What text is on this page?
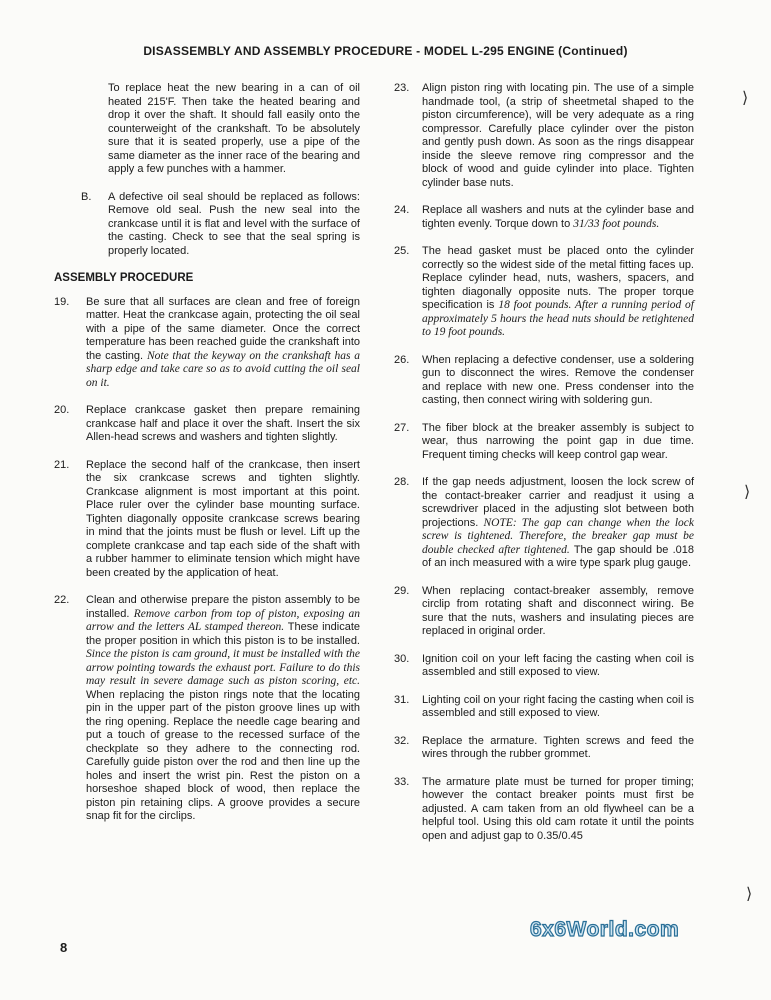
DISASSEMBLY AND ASSEMBLY PROCEDURE - MODEL L-295 ENGINE (Continued)

To replace heat the new bearing in a can of oil heated 215'F. Then take the heated bearing and drop it over the shaft. It should fall easily onto the counterweight of the crankshaft. To be absolutely sure that it is seated properly, use a pipe of the same diameter as the inner race of the bearing and apply a few punches with a hammer.

B.	A defective oil seal should be replaced as follows: Remove old seal. Push the new seal into the crankcase until it is flat and level with the surface of the casting. Check to see that the seal spring is properly located.

ASSEMBLY PROCEDURE
19.	Be sure that all surfaces are clean and free of foreign matter. Heat the crankcase again, protecting the oil seal with a pipe of the same diameter. Once the correct temperature has been reached guide the crankshaft into the casting. Note that the keyway on the crankshaft has a sharp edge and take care so as to avoid cutting the oil seal on it.

20.	Replace crankcase gasket then prepare remaining crankcase half and place it over the shaft. Insert the six Allen-head screws and washers and tighten slightly.

21.	Replace the second half of the crankcase, then insert the six crankcase screws and tighten slightly. Crankcase alignment is most important at this point. Place ruler over the cylinder base mounting surface. Tighten diagonally opposite crankcase screws bearing in mind that the joints must be flush or level. Lift up the complete crankcase and tap each side of the shaft with a rubber hammer to eliminate tension which might have been created by the application of heat.

22.	Clean and otherwise prepare the piston assembly to be installed. Remove carbon from top of piston, exposing an arrow and the letters AL stamped thereon. These indicate the proper position in which this piston is to be installed. Since the piston is cam ground, it must be installed with the arrow pointing towards the exhaust port. Failure to do this may result in severe damage such as piston scoring, etc. When replacing the piston rings note that the locating pin in the upper part of the piston groove lines up with the ring opening. Replace the needle cage bearing and put a touch of grease to the recessed surface of the checkplate so they adhere to the connecting rod. Carefully guide piston over the rod and then line up the holes and insert the wrist pin. Rest the piston on a horseshoe shaped block of wood, then replace the piston pin retaining clips. A groove provides a secure snap fit for the circlips.

23.	Align piston ring with locating pin. The use of a simple handmade tool, (a strip of sheetmetal shaped to the piston circumference), will be very adequate as a ring compressor. Carefully place cylinder over the piston and gently push down. As soon as the rings disappear inside the sleeve remove ring compressor and the block of wood and guide cylinder into place. Tighten cylinder base nuts.

24.	Replace all washers and nuts at the cylinder base and tighten evenly. Torque down to 31/33 foot pounds.

25.	The head gasket must be placed onto the cylinder correctly so the widest side of the metal fitting faces up. Replace cylinder head, nuts, washers, spacers, and tighten diagonally opposite nuts. The proper torque specification is 18 foot pounds. After a running period of approximately 5 hours the head nuts should be retightened to 19 foot pounds.

26.	When replacing a defective condenser, use a soldering gun to disconnect the wires. Remove the condenser and replace with new one. Press condenser into the casting, then connect wiring with soldering gun.

27.	The fiber block at the breaker assembly is subject to wear, thus narrowing the point gap in due time. Frequent timing checks will keep control gap wear.

28.	If the gap needs adjustment, loosen the lock screw of the contact-breaker carrier and readjust it using a screwdriver placed in the adjusting slot between both projections. NOTE: The gap can change when the lock screw is tightened. Therefore, the breaker gap must be double checked after tightened. The gap should be .018 of an inch measured with a wire type spark plug gauge.

29.	When replacing contact-breaker assembly, remove circlip from rotating shaft and disconnect wiring. Be sure that the nuts, washers and insulating pieces are replaced in original order.

30.	Ignition coil on your left facing the casting when coil is assembled and still exposed to view.

31.	Lighting coil on your right facing the casting when coil is assembled and still exposed to view.

32.	Replace the armature. Tighten screws and feed the wires through the rubber grommet.

33.	The armature plate must be turned for proper timing; however the contact breaker points must first be adjusted. A cam taken from an old flywheel can be a helpful tool. Using this old cam rotate it until the points open and adjust gap to 0.35/0.45

8
6x6World.com
⟩
⟩
⟩
